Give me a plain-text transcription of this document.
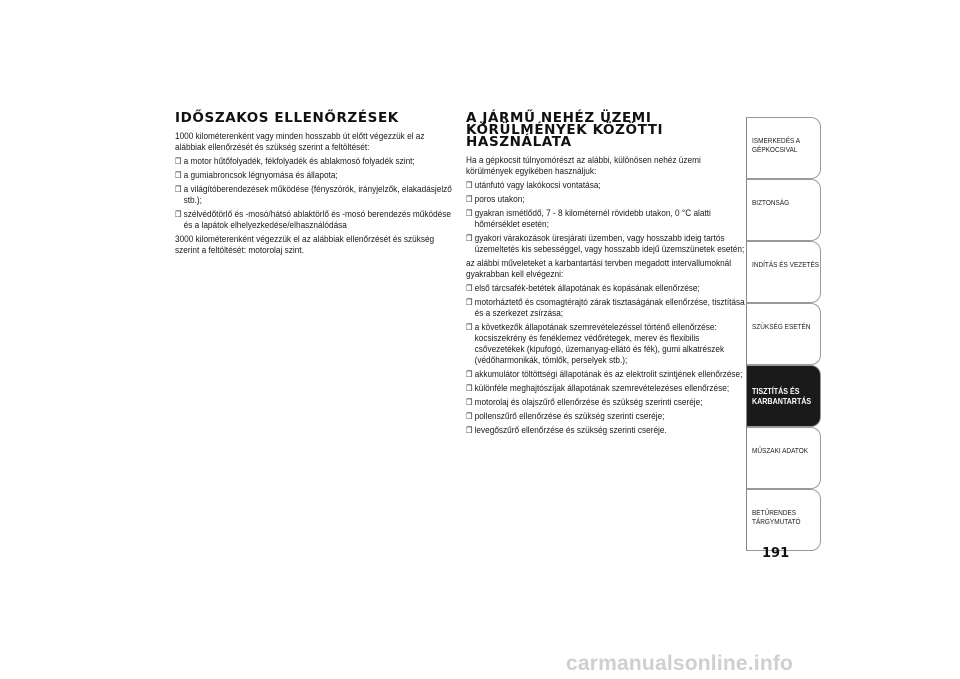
IDŐSZAKOS ELLENŐRZÉSEK

1000 kilométerenként vagy minden hosszabb út előtt végezzük el az alábbiak ellenőrzését és szükség szerint a feltöltését:

❒ a motor hűtőfolyadék, fékfolyadék és ablakmosó folyadék szint;
❒ a gumiabroncsok légnyomása és állapota;
❒ a világítóberendezések működése (fényszórók, irányjelzők, elakadásjelző stb.);
❒ szélvédőtörlő és -mosó/hátsó ablaktörlő és -mosó berendezés működése és a lapátok elhelyezkedése/elhasználódása

3000 kilométerenként végezzük el az alábbiak ellenőrzését és szükség szerint a feltöltését: motorolaj szint.

A JÁRMŰ NEHÉZ ÜZEMI KÖRÜLMÉNYEK KÖZÖTTI HASZNÁLATA

Ha a gépkocsit túlnyomórészt az alábbi, különösen nehéz üzemi körülmények egyikében használjuk:

❒ utánfutó vagy lakókocsi vontatása;
❒ poros utakon;
❒ gyakran ismétlődő, 7 - 8 kilométernél rövidebb utakon, 0 °C alatti hőmérséklet esetén;
❒ gyakori várakozások üresjárati üzemben, vagy hosszabb ideig tartós üzemeltetés kis sebességgel, vagy hosszabb idejű üzemszünetek esetén;

az alábbi műveleteket a karbantartási tervben megadott intervallumoknál gyakrabban kell elvégezni:

❒ első tárcsafék-betétek állapotának és kopásának ellenőrzése;
❒ motorháztető és csomagtérajtó zárak tisztaságának ellenőrzése, tisztítása és a szerkezet zsírzása;
❒ a következők állapotának szemrevételezéssel történő ellenőrzése: kocsiszekrény és fenéklemez védőrétegek, merev és flexibilis csővezetékek (kipufogó, üzemanyag-ellátó és fék), gumi alkatrészek (védőharmonikák, tömlők, perselyek stb.);
❒ akkumulátor töltöttségi állapotának és az elektrolit szintjének ellenőrzése;
❒ különféle meghajtószíjak állapotának szemrevételezéses ellenőrzése;
❒ motorolaj és olajszűrő ellenőrzése és szükség szerinti cseréje;
❒ pollenszűrő ellenőrzése és szükség szerinti cseréje;
❒ levegőszűrő ellenőrzése és szükség szerinti cseréje.
ISMERKEDÉS A GÉPKOCSIVAL
BIZTONSÁG
INDÍTÁS ÉS VEZETÉS
SZÜKSÉG ESETÉN
TISZTÍTÁS ÉS KARBANTARTÁS
MŰSZAKI ADATOK
BETŰRENDES TÁRGYMUTATÓ
191
carmanualsonline.info
